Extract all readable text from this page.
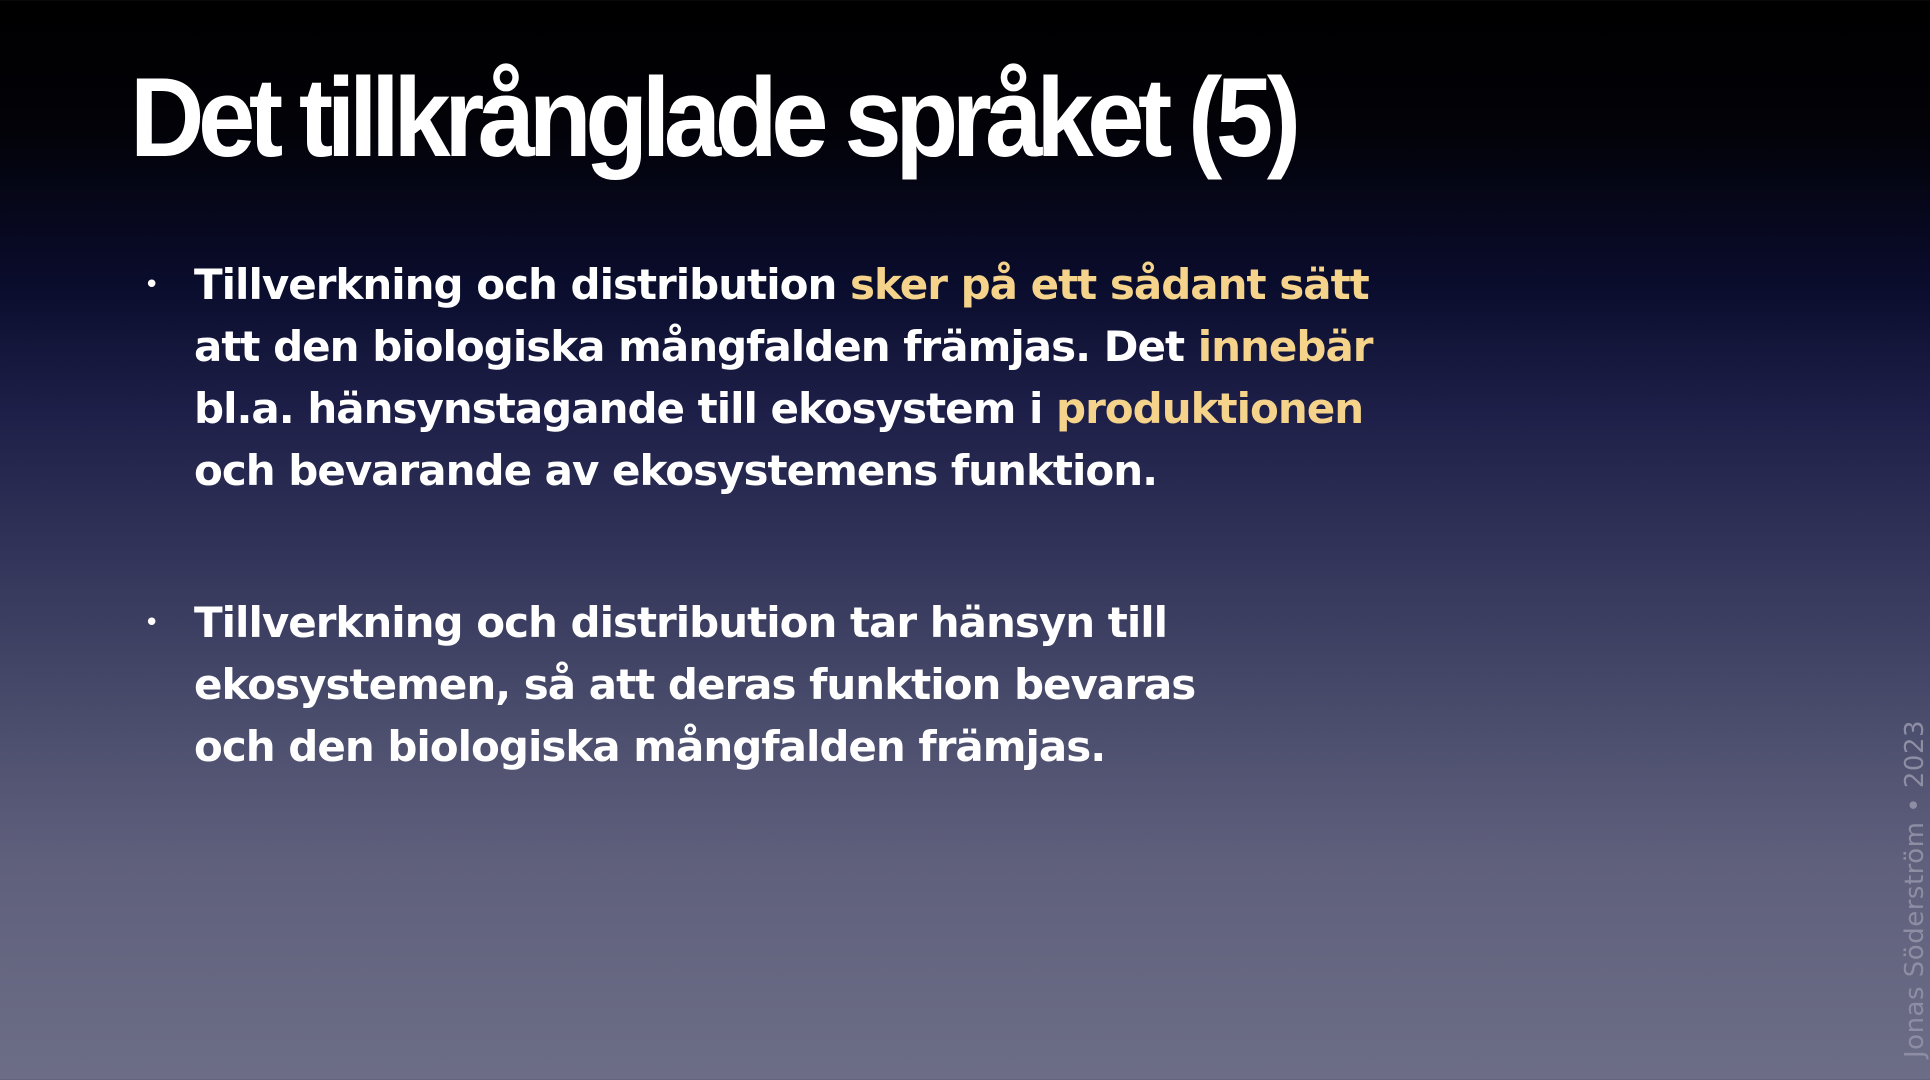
Det tillkrånglade språket (5)
• Tillverkning och distribution sker på ett sådant sätt
att den biologiska mångfalden främjas. Det innebär
bl.a. hänsynstagande till ekosystem i produktionen
och bevarande av ekosystemens funktion.
• Tillverkning och distribution tar hänsyn till
ekosystemen, så att deras funktion bevaras
och den biologiska mångfalden främjas.	Jonas Söderström • 2023
